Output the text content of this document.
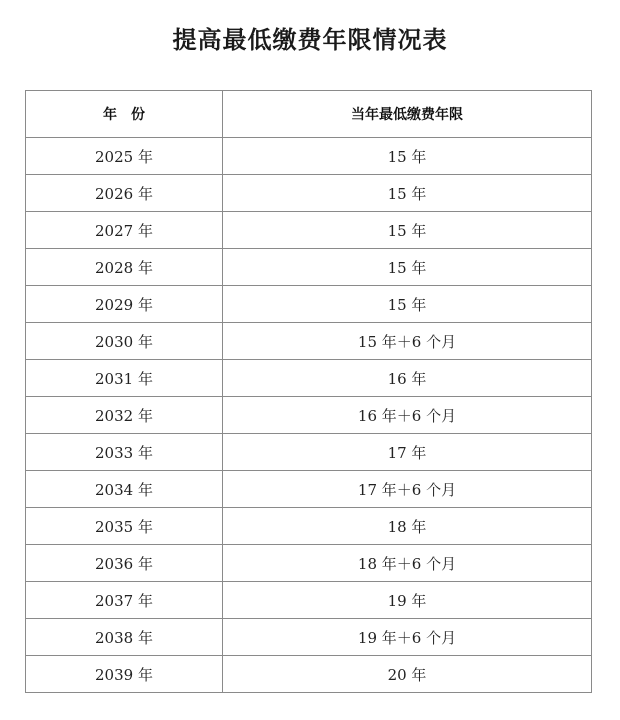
提高最低缴费年限情况表
年　份	当年最低缴费年限
2025 年	15 年
2026 年	15 年
2027 年	15 年
2028 年	15 年
2029 年	15 年
2030 年	15 年＋6 个月
2031 年	16 年
2032 年	16 年＋6 个月
2033 年	17 年
2034 年	17 年＋6 个月
2035 年	18 年
2036 年	18 年＋6 个月
2037 年	19 年
2038 年	19 年＋6 个月
2039 年	20 年
